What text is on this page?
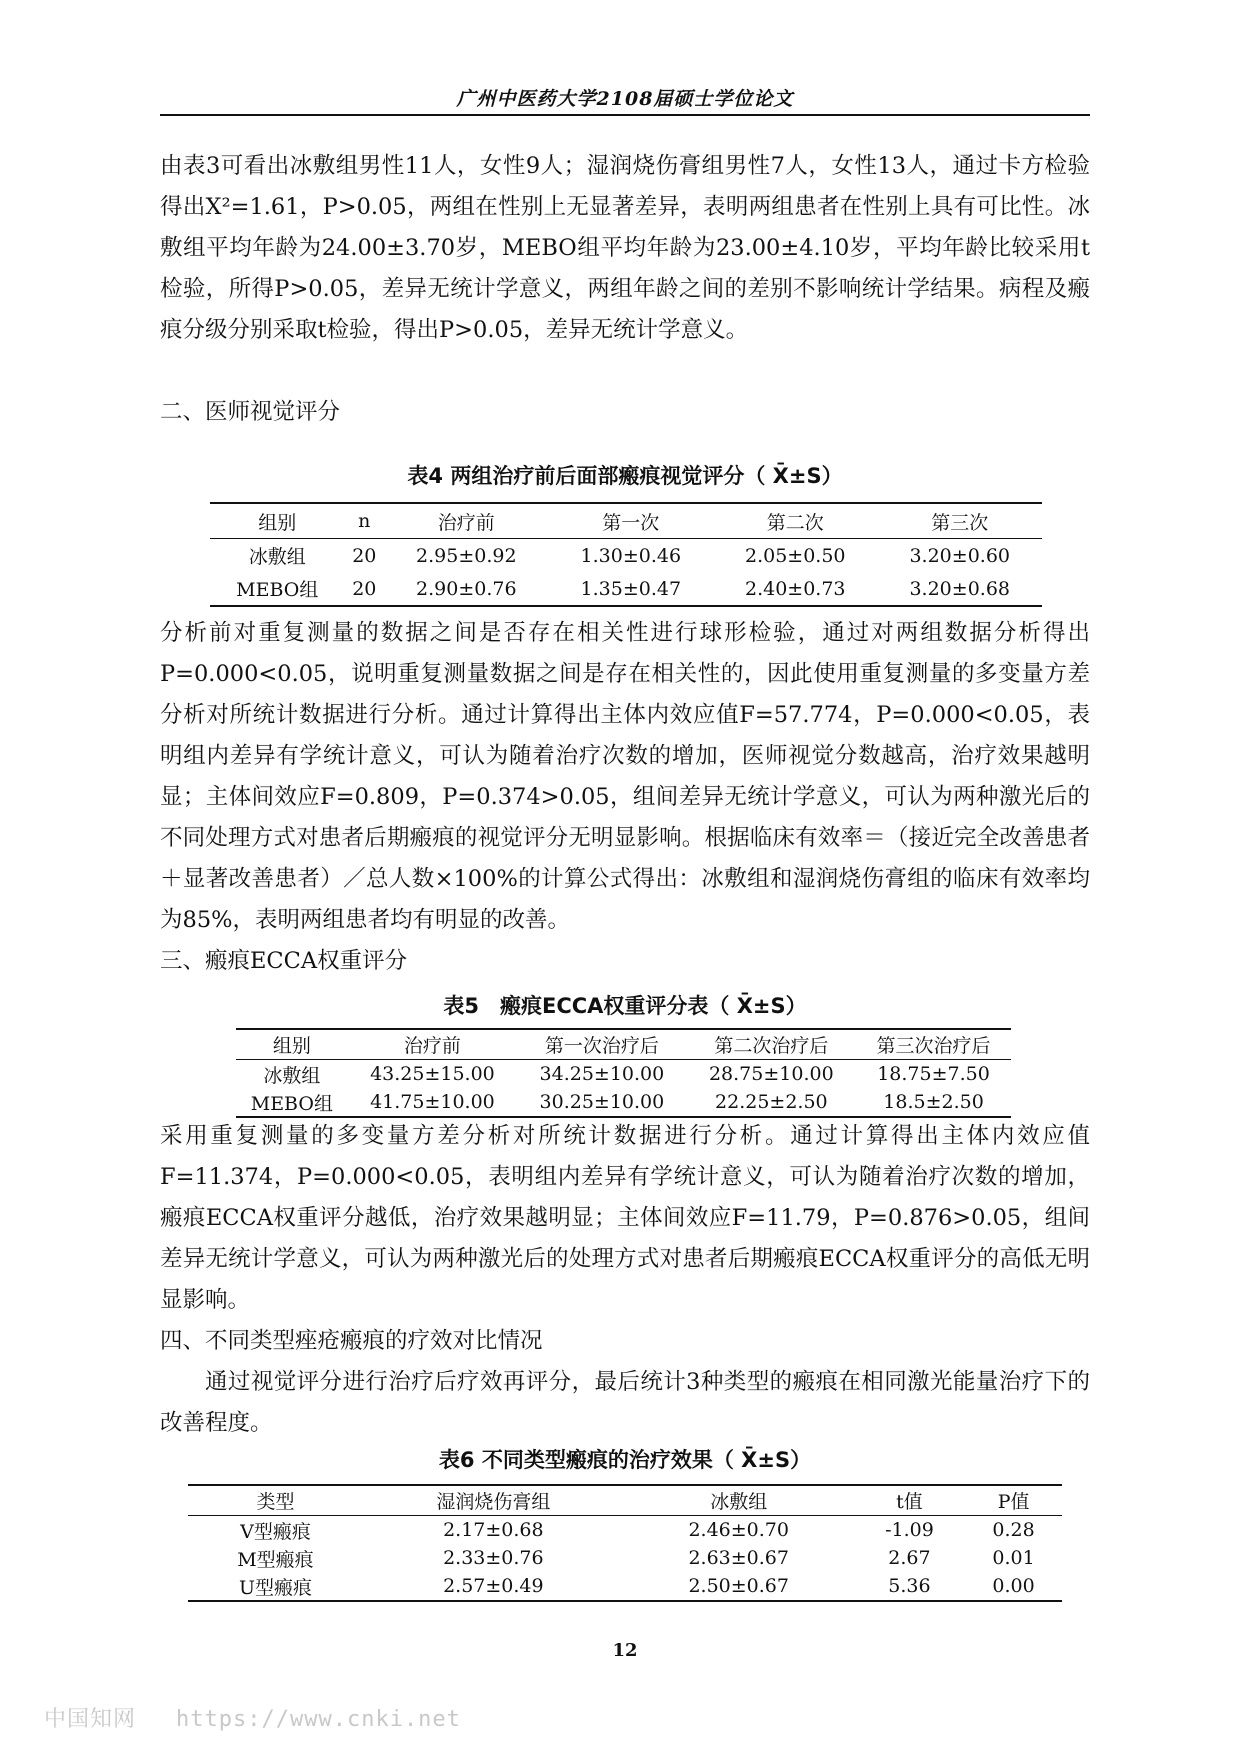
广州中医药大学2108届硕士学位论文

由表3可看出冰敷组男性11人，女性9人；湿润烧伤膏组男性7人，女性13人，通过卡方检验得出X²=1.61，P>0.05，两组在性别上无显著差异，表明两组患者在性别上具有可比性。冰敷组平均年龄为24.00±3.70岁，MEBO组平均年龄为23.00±4.10岁，平均年龄比较采用t检验，所得P>0.05，差异无统计学意义，两组年龄之间的差别不影响统计学结果。病程及瘢痕分级分别采取t检验，得出P>0.05，差异无统计学意义。

二、医师视觉评分

表4 两组治疗前后面部瘢痕视觉评分（ X̄±S）
组别	n	治疗前	第一次	第二次	第三次
冰敷组	20	2.95±0.92	1.30±0.46	2.05±0.50	3.20±0.60
MEBO组	20	2.90±0.76	1.35±0.47	2.40±0.73	3.20±0.68

分析前对重复测量的数据之间是否存在相关性进行球形检验，通过对两组数据分析得出P=0.000<0.05，说明重复测量数据之间是存在相关性的，因此使用重复测量的多变量方差分析对所统计数据进行分析。通过计算得出主体内效应值F=57.774，P=0.000<0.05，表明组内差异有学统计意义，可认为随着治疗次数的增加，医师视觉分数越高，治疗效果越明显；主体间效应F=0.809，P=0.374>0.05，组间差异无统计学意义，可认为两种激光后的不同处理方式对患者后期瘢痕的视觉评分无明显影响。根据临床有效率＝（接近完全改善患者＋显著改善患者）／总人数×100%的计算公式得出：冰敷组和湿润烧伤膏组的临床有效率均为85%，表明两组患者均有明显的改善。

三、瘢痕ECCA权重评分

表5　瘢痕ECCA权重评分表（ X̄±S）
组别	治疗前	第一次治疗后	第二次治疗后	第三次治疗后
冰敷组	43.25±15.00	34.25±10.00	28.75±10.00	18.75±7.50
MEBO组	41.75±10.00	30.25±10.00	22.25±2.50	18.5±2.50

采用重复测量的多变量方差分析对所统计数据进行分析。通过计算得出主体内效应值F=11.374，P=0.000<0.05，表明组内差异有学统计意义，可认为随着治疗次数的增加，瘢痕ECCA权重评分越低，治疗效果越明显；主体间效应F=11.79，P=0.876>0.05，组间差异无统计学意义，可认为两种激光后的处理方式对患者后期瘢痕ECCA权重评分的高低无明显影响。

四、不同类型痤疮瘢痕的疗效对比情况

通过视觉评分进行治疗后疗效再评分，最后统计3种类型的瘢痕在相同激光能量治疗下的改善程度。

表6 不同类型瘢痕的治疗效果（ X̄±S）
类型	湿润烧伤膏组	冰敷组	t值	P值
V型瘢痕	2.17±0.68	2.46±0.70	-1.09	0.28
M型瘢痕	2.33±0.76	2.63±0.67	2.67	0.01
U型瘢痕	2.57±0.49	2.50±0.67	5.36	0.00
12
中国知网 https://www.cnki.net
